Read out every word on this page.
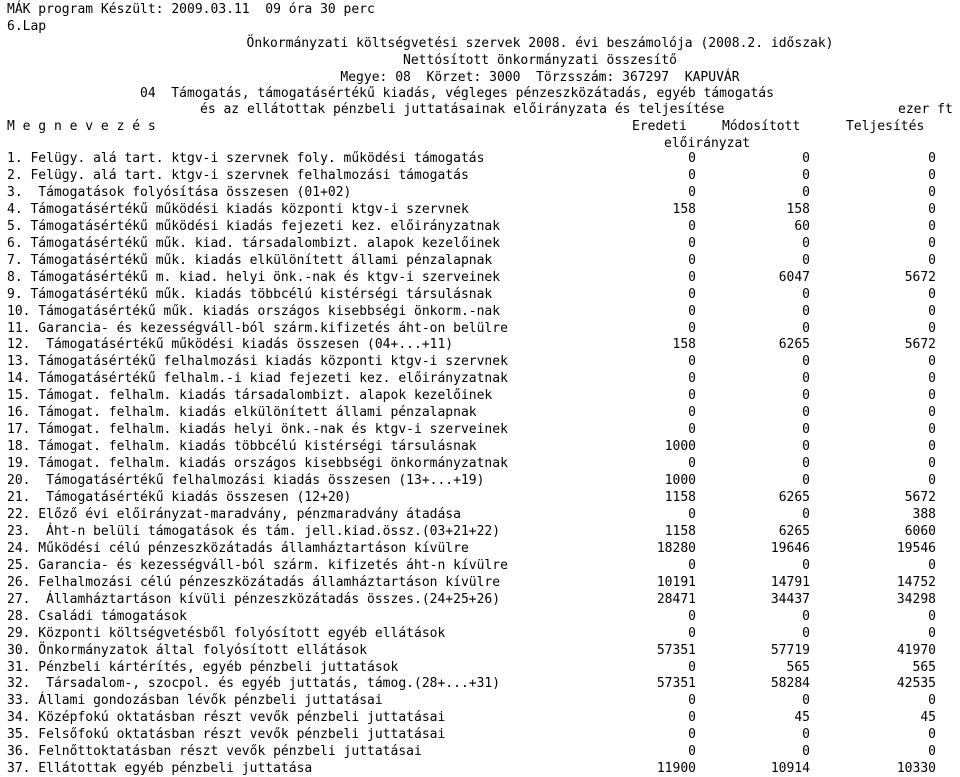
MÁK program Készült: 2009.03.11  09 óra 30 perc
6.Lap
Önkormányzati költségvetési szervek 2008. évi beszámolója (2008.2. időszak)
Nettósított önkormányzati összesítő
Megye: 08  Körzet: 3000  Törzsszám: 367297  KAPUVÁR
04  Támogatás, támogatásértékű kiadás, végleges pénzeszközátadás, egyéb támogatás
és az ellátottak pénzbeli juttatásainak előirányzata és teljesítése	ezer ft
M e g n e v e z é s	Eredeti	Módosított	Teljesítés
előirányzat
1. Felügy. alá tart. ktgv-i szervnek foly. működési támogatás	0	0	0
2. Felügy. alá tart. ktgv-i szervnek felhalmozási támogatás	0	0	0
3.  Támogatások folyósítása összesen (01+02)	0	0	0
4. Támogatásértékű működési kiadás központi ktgv-i szervnek	158	158	0
5. Támogatásértékű működési kiadás fejezeti kez. előirányzatnak	0	60	0
6. Támogatásértékű műk. kiad. társadalombizt. alapok kezelőinek	0	0	0
7. Támogatásértékű műk. kiadás elkülönített állami pénzalapnak	0	0	0
8. Támogatásértékű m. kiad. helyi önk.-nak és ktgv-i szerveinek	0	6047	5672
9. Támogatásértékű műk. kiadás többcélú kistérségi társulásnak	0	0	0
10. Támogatásértékű műk. kiadás országos kisebbségi önkorm.-nak	0	0	0
11. Garancia- és kezességváll-ból szárm.kifizetés áht-on belülre	0	0	0
12.  Támogatásértékű működési kiadás összesen (04+...+11)	158	6265	5672
13. Támogatásértékű felhalmozási kiadás központi ktgv-i szervnek	0	0	0
14. Támogatásértékű felhalm.-i kiad fejezeti kez. előirányzatnak	0	0	0
15. Támogat. felhalm. kiadás társadalombizt. alapok kezelőinek	0	0	0
16. Támogat. felhalm. kiadás elkülönített állami pénzalapnak	0	0	0
17. Támogat. felhalm. kiadás helyi önk.-nak és ktgv-i szerveinek	0	0	0
18. Támogat. felhalm. kiadás többcélú kistérségi társulásnak	1000	0	0
19. Támogat. felhalm. kiadás országos kisebbségi önkormányzatnak	0	0	0
20.  Támogatásértékű felhalmozási kiadás összesen (13+...+19)	1000	0	0
21.  Támogatásértékű kiadás összesen (12+20)	1158	6265	5672
22. Előző évi előirányzat-maradvány, pénzmaradvány átadása	0	0	388
23.  Áht-n belüli támogatások és tám. jell.kiad.össz.(03+21+22)	1158	6265	6060
24. Működési célú pénzeszközátadás államháztartáson kívülre	18280	19646	19546
25. Garancia- és kezességváll-ból szárm. kifizetés áht-n kívülre	0	0	0
26. Felhalmozási célú pénzeszközátadás államháztartáson kívülre	10191	14791	14752
27.  Államháztartáson kívüli pénzeszközátadás összes.(24+25+26)	28471	34437	34298
28. Családi támogatások	0	0	0
29. Központi költségvetésből folyósított egyéb ellátások	0	0	0
30. Önkormányzatok által folyósított ellátások	57351	57719	41970
31. Pénzbeli kártérítés, egyéb pénzbeli juttatások	0	565	565
32.  Társadalom-, szocpol. és egyéb juttatás, támog.(28+...+31)	57351	58284	42535
33. Állami gondozásban lévők pénzbeli juttatásai	0	0	0
34. Középfokú oktatásban részt vevők pénzbeli juttatásai	0	45	45
35. Felsőfokú oktatásban részt vevők pénzbeli juttatásai	0	0	0
36. Felnőttoktatásban részt vevők pénzbeli juttatásai	0	0	0
37. Ellátottak egyéb pénzbeli juttatása	11900	10914	10330
